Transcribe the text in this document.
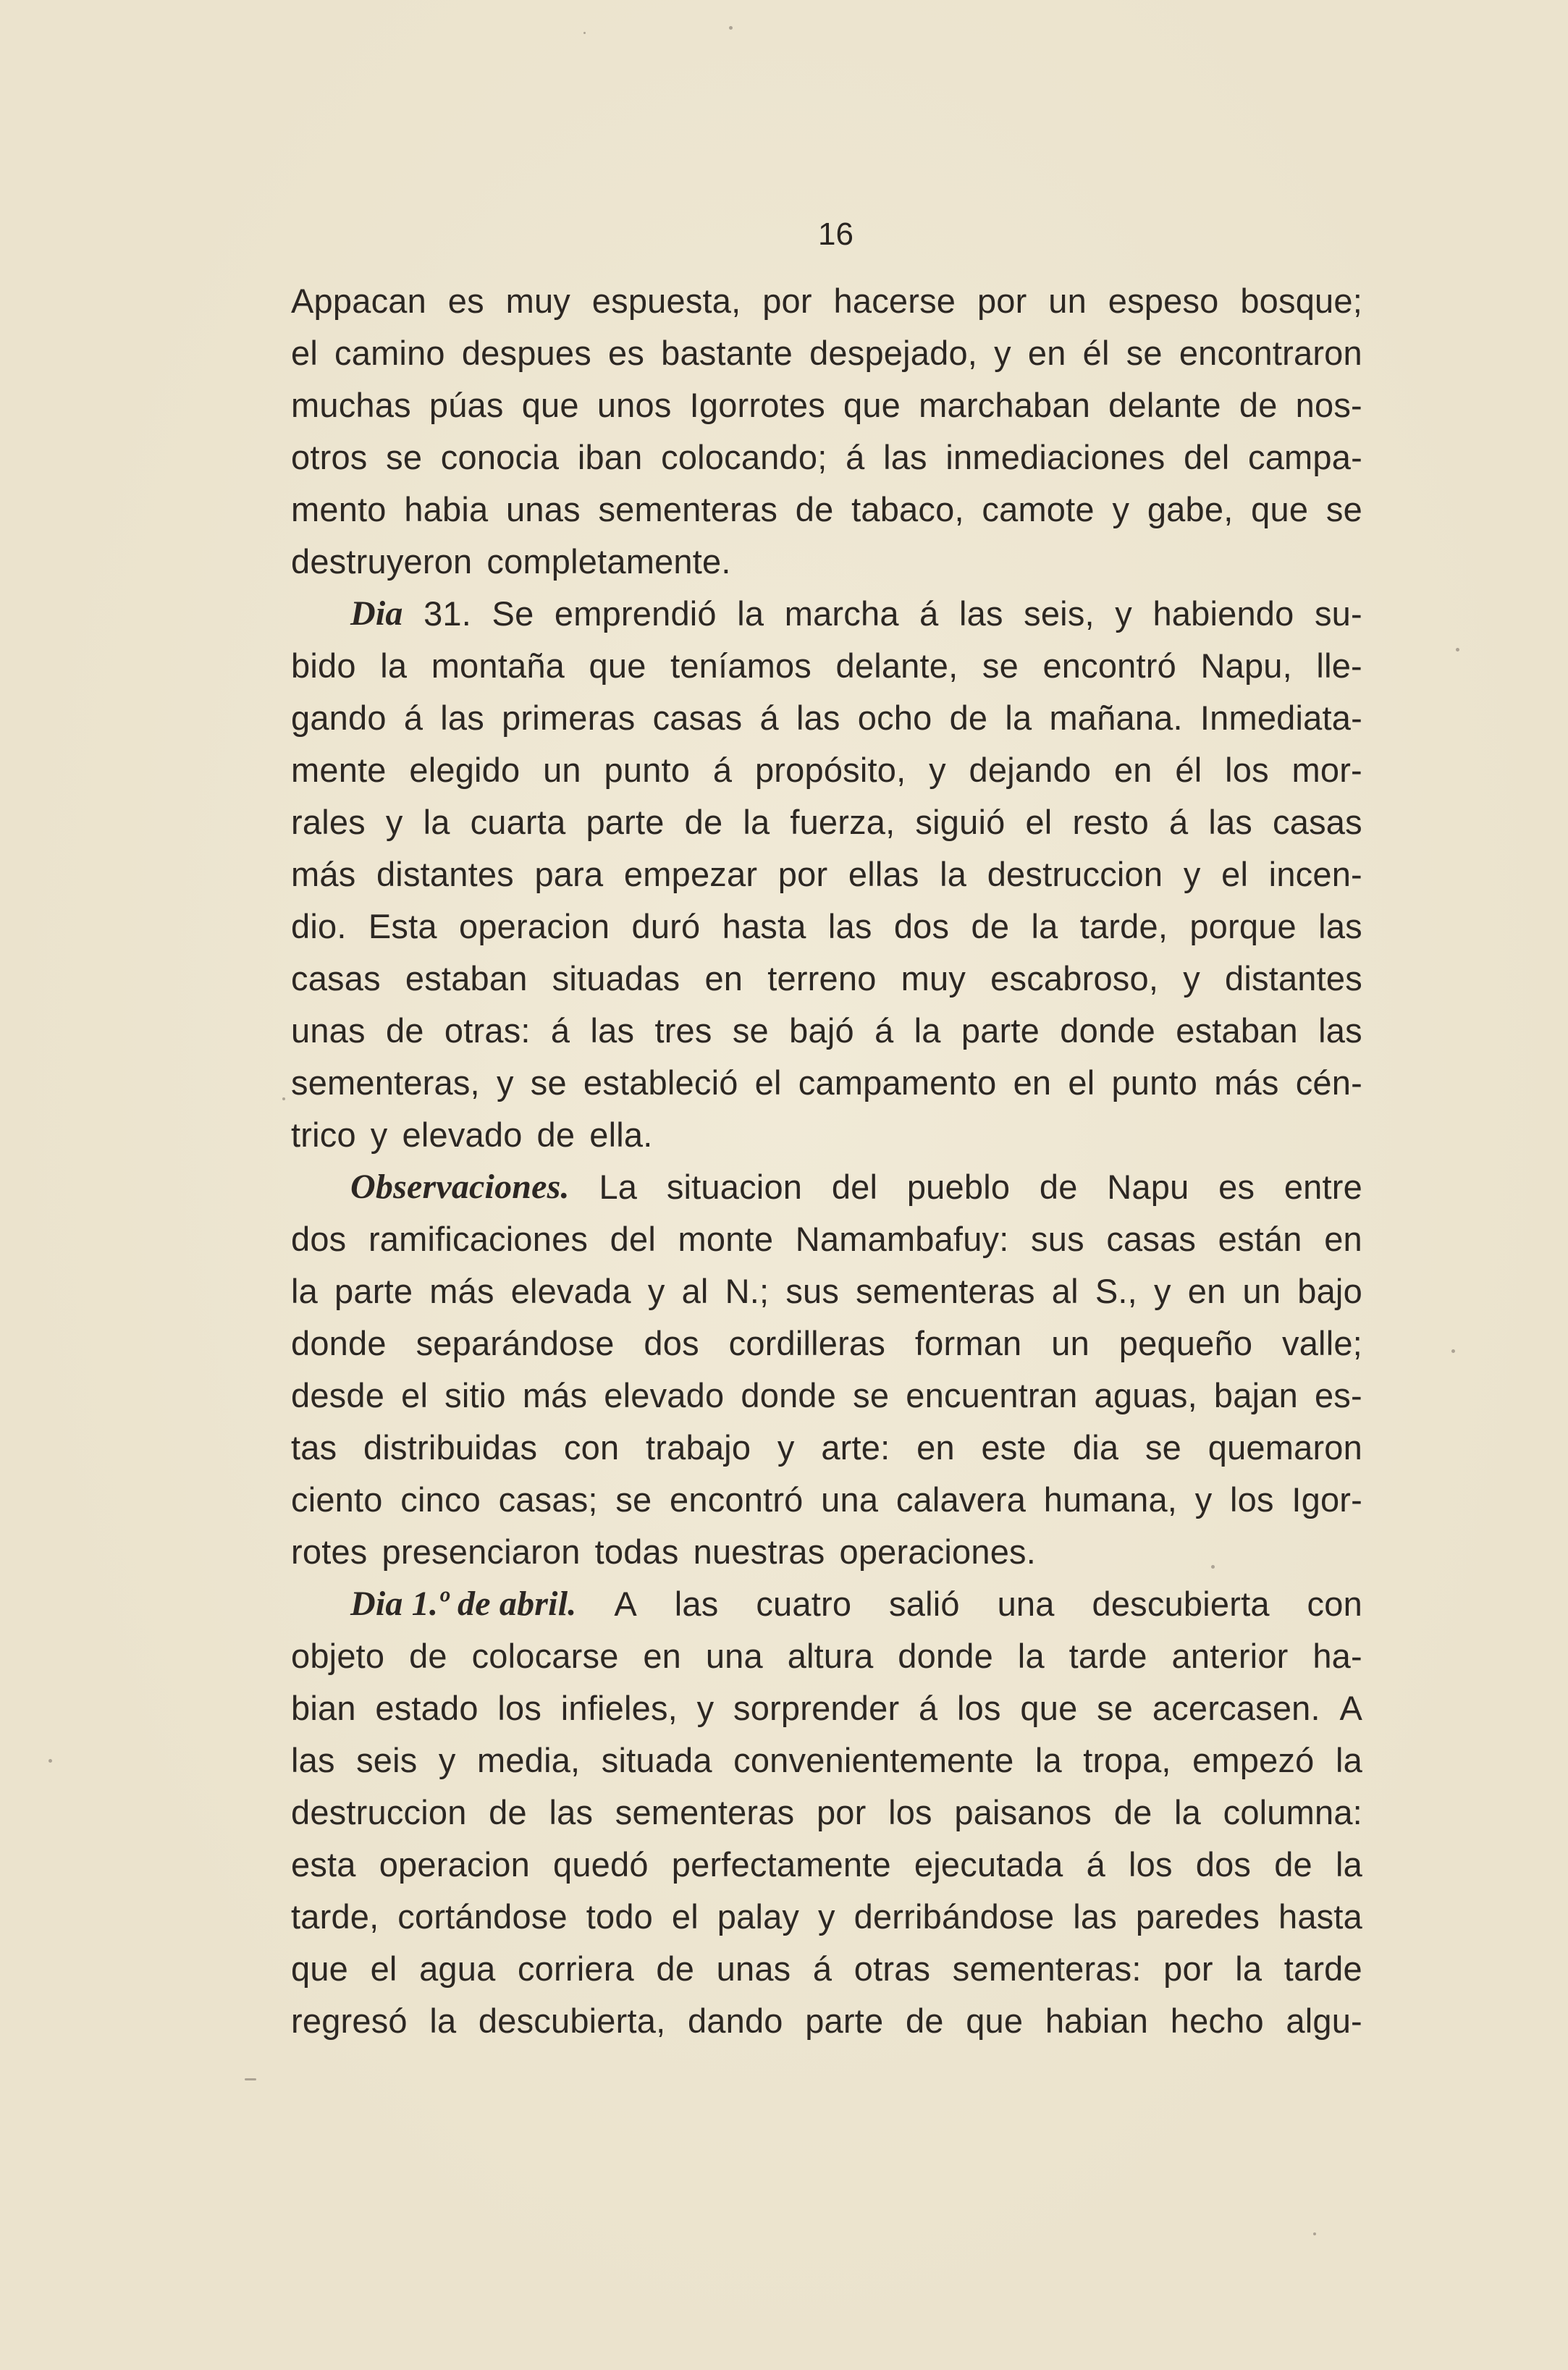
16
Appacan es muy espuesta, por hacerse por un espeso bosque;
el camino despues es bastante despejado, y en él se encontraron
muchas púas que unos Igorrotes que marchaban delante de nos-
otros se conocia iban colocando; á las inmediaciones del campa-
mento habia unas sementeras de tabaco, camote y gabe, que se
destruyeron completamente.
Dia 31. Se emprendió la marcha á las seis, y habiendo su-
bido la montaña que teníamos delante, se encontró Napu, lle-
gando á las primeras casas á las ocho de la mañana. Inmediata-
mente elegido un punto á propósito, y dejando en él los mor-
rales y la cuarta parte de la fuerza, siguió el resto á las casas
más distantes para empezar por ellas la destruccion y el incen-
dio. Esta operacion duró hasta las dos de la tarde, porque las
casas estaban situadas en terreno muy escabroso, y distantes
unas de otras: á las tres se bajó á la parte donde estaban las
sementeras, y se estableció el campamento en el punto más cén-
trico y elevado de ella.
Observaciones. La situacion del pueblo de Napu es entre
dos ramificaciones del monte Namambafuy: sus casas están en
la parte más elevada y al N.; sus sementeras al S., y en un bajo
donde separándose dos cordilleras forman un pequeño valle;
desde el sitio más elevado donde se encuentran aguas, bajan es-
tas distribuidas con trabajo y arte: en este dia se quemaron
ciento cinco casas; se encontró una calavera humana, y los Igor-
rotes presenciaron todas nuestras operaciones.
Dia 1.º de abril. A las cuatro salió una descubierta con
objeto de colocarse en una altura donde la tarde anterior ha-
bian estado los infieles, y sorprender á los que se acercasen. A
las seis y media, situada convenientemente la tropa, empezó la
destruccion de las sementeras por los paisanos de la columna:
esta operacion quedó perfectamente ejecutada á los dos de la
tarde, cortándose todo el palay y derribándose las paredes hasta
que el agua corriera de unas á otras sementeras: por la tarde
regresó la descubierta, dando parte de que habian hecho algu-
